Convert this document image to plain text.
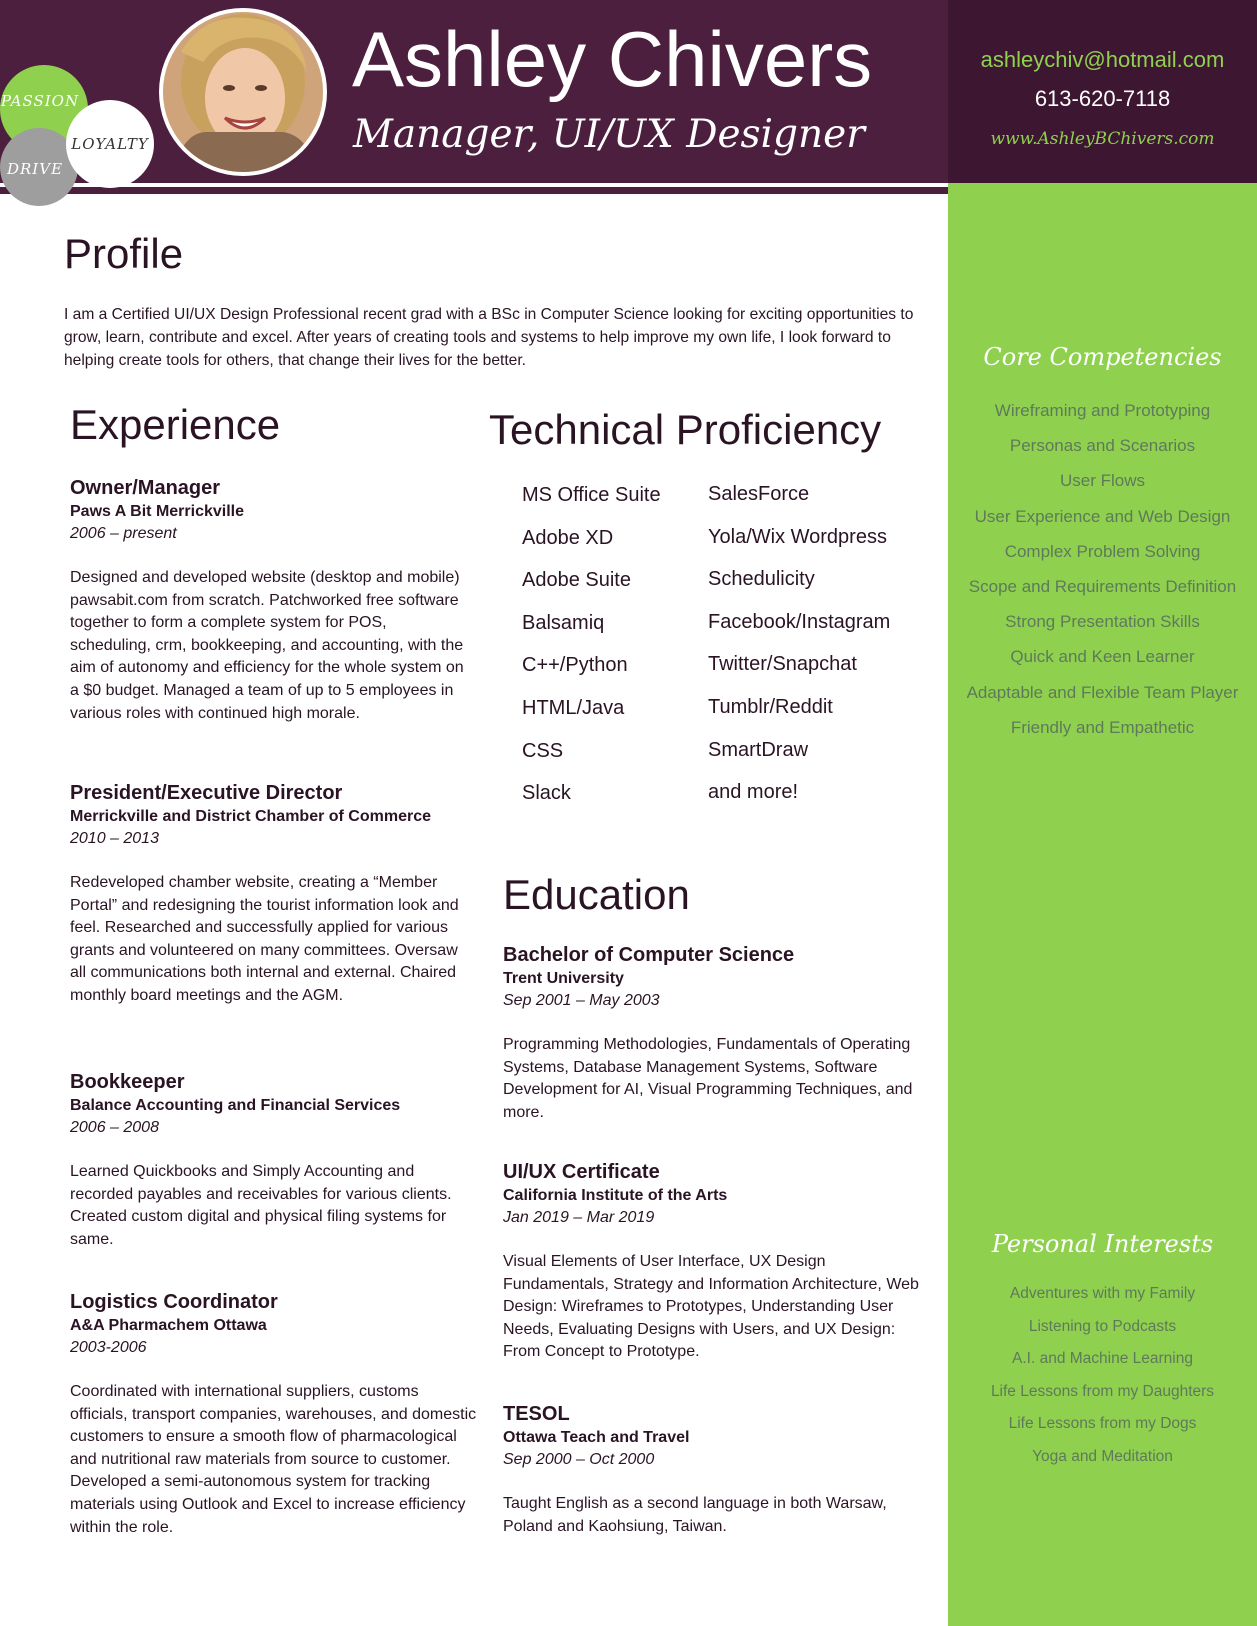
PASSION
DRIVE
LOYALTY
Ashley Chivers
Manager, UI/UX Designer
ashleychiv@hotmail.com
613-620-7118
www.AshleyBChivers.com
Profile
I am a Certified UI/UX Design Professional recent grad with a BSc in Computer Science looking for exciting opportunities to grow, learn, contribute and excel. After years of creating tools and systems to help improve my own life, I look forward to helping create tools for others, that change their lives for the better.
Experience
Owner/Manager
Paws A Bit Merrickville
2006 – present
Designed and developed website (desktop and mobile) pawsabit.com from scratch. Patchworked free software together to form a complete system for POS, scheduling, crm, bookkeeping, and accounting, with the aim of autonomy and efficiency for the whole system on a $0 budget. Managed a team of up to 5 employees in various roles with continued high morale.
President/Executive Director
Merrickville and District Chamber of Commerce
2010 – 2013
Redeveloped chamber website, creating a “Member Portal” and redesigning the tourist information look and feel. Researched and successfully applied for various grants and volunteered on many committees. Oversaw all communications both internal and external. Chaired monthly board meetings and the AGM.
Bookkeeper
Balance Accounting and Financial Services
2006 – 2008
Learned Quickbooks and Simply Accounting and recorded payables and receivables for various clients. Created custom digital and physical filing systems for same.
Logistics Coordinator
A&A Pharmachem Ottawa
2003-2006
Coordinated with international suppliers, customs officials, transport companies, warehouses, and domestic customers to ensure a smooth flow of pharmacological and nutritional raw materials from source to customer. Developed a semi-autonomous system for tracking materials using Outlook and Excel to increase efficiency within the role.
Technical Proficiency
MS Office Suite
Adobe XD
Adobe Suite
Balsamiq
C++/Python
HTML/Java
CSS
Slack
SalesForce
Yola/Wix Wordpress
Schedulicity
Facebook/Instagram
Twitter/Snapchat
Tumblr/Reddit
SmartDraw
and more!
Education
Bachelor of Computer Science
Trent University
Sep 2001 – May 2003
Programming Methodologies, Fundamentals of Operating Systems, Database Management Systems, Software Development for AI, Visual Programming Techniques, and more.
UI/UX Certificate
California Institute of the Arts
Jan 2019 – Mar 2019
Visual Elements of User Interface, UX Design Fundamentals, Strategy and Information Architecture, Web Design: Wireframes to Prototypes, Understanding User Needs, Evaluating Designs with Users, and UX Design: From Concept to Prototype.
TESOL
Ottawa Teach and Travel
Sep 2000 – Oct 2000
Taught English as a second language in both Warsaw, Poland and Kaohsiung, Taiwan.
Core Competencies
Wireframing and Prototyping
Personas and Scenarios
User Flows
User Experience and Web Design
Complex Problem Solving
Scope and Requirements Definition
Strong Presentation Skills
Quick and Keen Learner
Adaptable and Flexible Team Player
Friendly and Empathetic
Personal Interests
Adventures with my Family
Listening to Podcasts
A.I. and Machine Learning
Life Lessons from my Daughters
Life Lessons from my Dogs
Yoga and Meditation
